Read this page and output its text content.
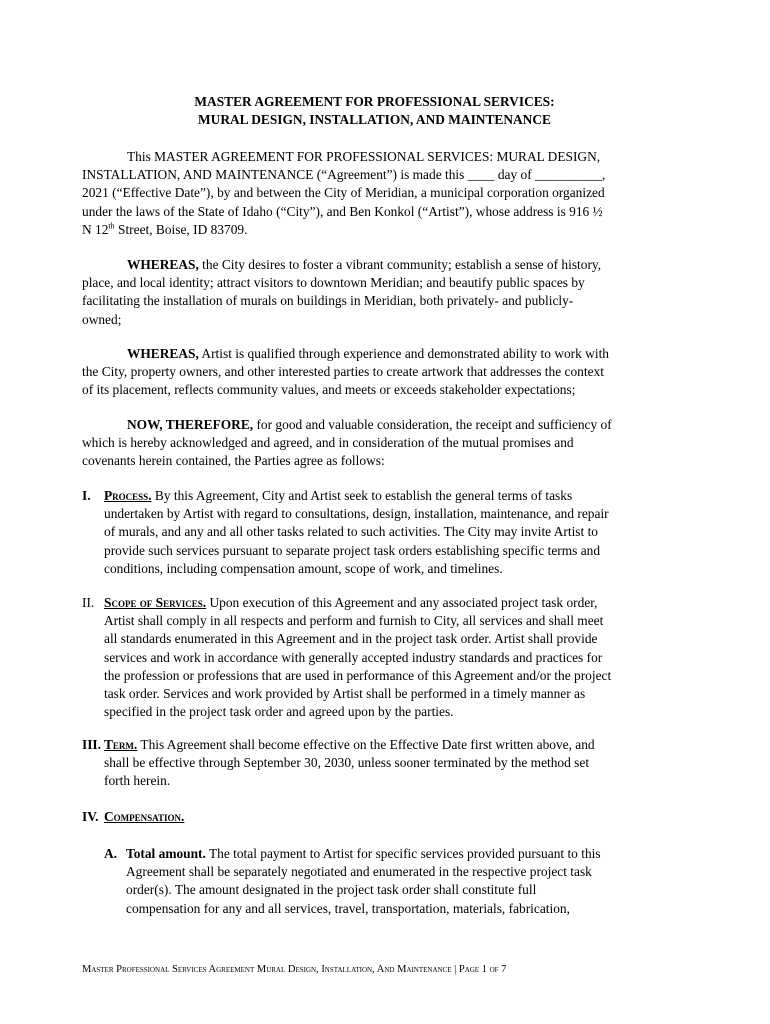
MASTER AGREEMENT FOR PROFESSIONAL SERVICES:
MURAL DESIGN, INSTALLATION, AND MAINTENANCE
This MASTER AGREEMENT FOR PROFESSIONAL SERVICES: MURAL DESIGN,
INSTALLATION, AND MAINTENANCE (“Agreement”) is made this ____ day of __________,
2021 (“Effective Date”), by and between the City of Meridian, a municipal corporation organized
under the laws of the State of Idaho (“City”), and Ben Konkol (“Artist”), whose address is 916 ½
N 12th Street, Boise, ID 83709.
WHEREAS, the City desires to foster a vibrant community; establish a sense of history,
place, and local identity; attract visitors to downtown Meridian; and beautify public spaces by
facilitating the installation of murals on buildings in Meridian, both privately- and publicly-
owned;
WHEREAS, Artist is qualified through experience and demonstrated ability to work with
the City, property owners, and other interested parties to create artwork that addresses the context
of its placement, reflects community values, and meets or exceeds stakeholder expectations;
NOW, THEREFORE, for good and valuable consideration, the receipt and sufficiency of
which is hereby acknowledged and agreed, and in consideration of the mutual promises and
covenants herein contained, the Parties agree as follows:
I. Process. By this Agreement, City and Artist seek to establish the general terms of tasks
undertaken by Artist with regard to consultations, design, installation, maintenance, and repair
of murals, and any and all other tasks related to such activities. The City may invite Artist to
provide such services pursuant to separate project task orders establishing specific terms and
conditions, including compensation amount, scope of work, and timelines.
II. Scope of Services. Upon execution of this Agreement and any associated project task order,
Artist shall comply in all respects and perform and furnish to City, all services and shall meet
all standards enumerated in this Agreement and in the project task order. Artist shall provide
services and work in accordance with generally accepted industry standards and practices for
the profession or professions that are used in performance of this Agreement and/or the project
task order. Services and work provided by Artist shall be performed in a timely manner as
specified in the project task order and agreed upon by the parties.
III. Term. This Agreement shall become effective on the Effective Date first written above, and
shall be effective through September 30, 2030, unless sooner terminated by the method set
forth herein.
IV. Compensation.
A. Total amount. The total payment to Artist for specific services provided pursuant to this
Agreement shall be separately negotiated and enumerated in the respective project task
order(s). The amount designated in the project task order shall constitute full
compensation for any and all services, travel, transportation, materials, fabrication,
Master Professional Services Agreement Mural Design, Installation, And Maintenance | Page 1 of 7
